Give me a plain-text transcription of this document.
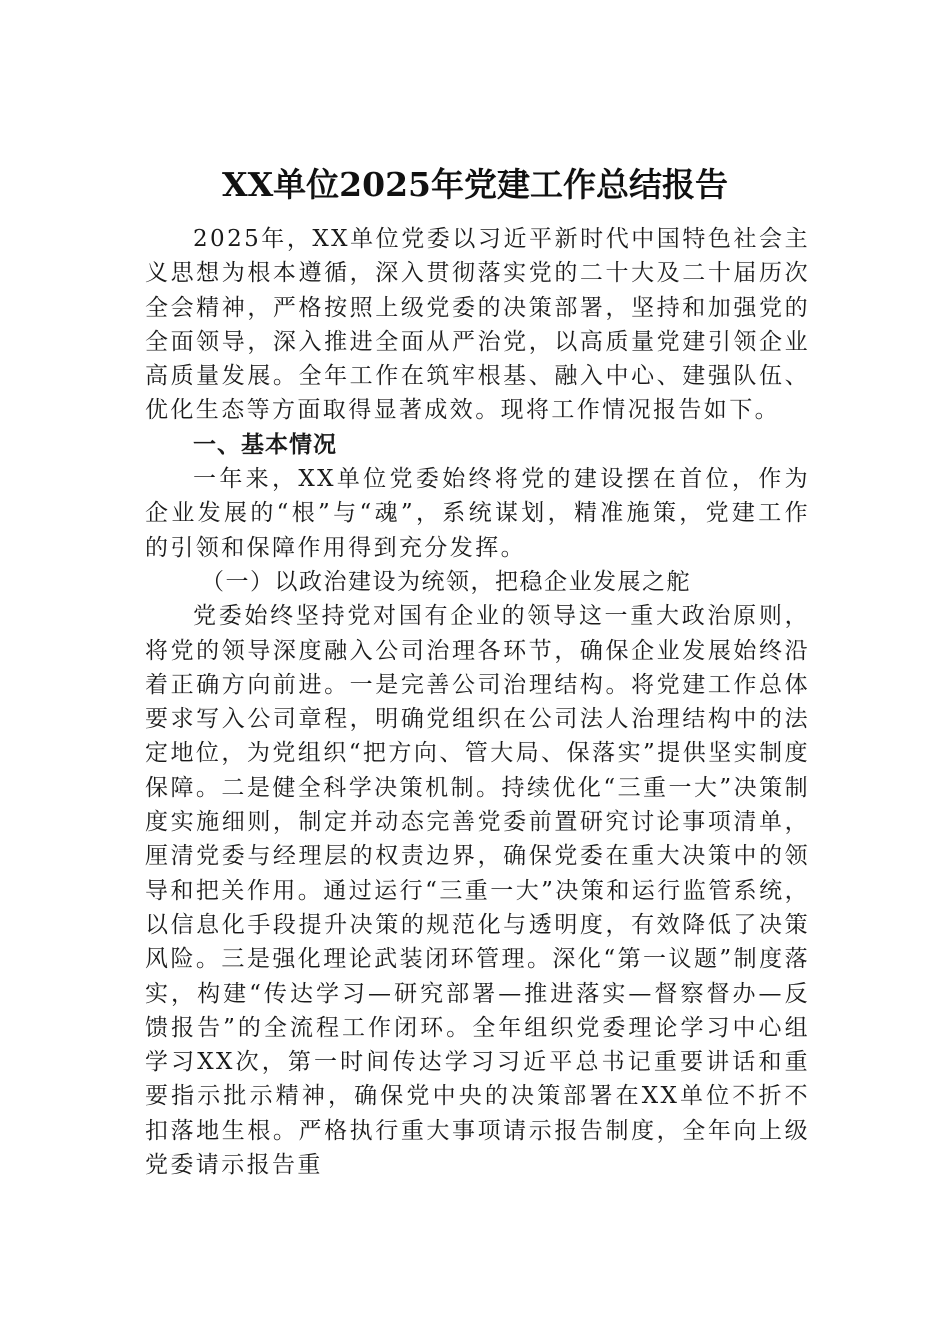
XX单位2025年党建工作总结报告

2025年，XX单位党委以习近平新时代中国特色社会主义思想为根本遵循，深入贯彻落实党的二十大及二十届历次全会精神，严格按照上级党委的决策部署，坚持和加强党的全面领导，深入推进全面从严治党，以高质量党建引领企业高质量发展。全年工作在筑牢根基、融入中心、建强队伍、优化生态等方面取得显著成效。现将工作情况报告如下。

一、基本情况

一年来，XX单位党委始终将党的建设摆在首位，作为企业发展的“根”与“魂”，系统谋划，精准施策，党建工作的引领和保障作用得到充分发挥。

（一）以政治建设为统领，把稳企业发展之舵

党委始终坚持党对国有企业的领导这一重大政治原则，将党的领导深度融入公司治理各环节，确保企业发展始终沿着正确方向前进。一是完善公司治理结构。将党建工作总体要求写入公司章程，明确党组织在公司法人治理结构中的法定地位，为党组织“把方向、管大局、保落实”提供坚实制度保障。二是健全科学决策机制。持续优化“三重一大”决策制度实施细则，制定并动态完善党委前置研究讨论事项清单，厘清党委与经理层的权责边界，确保党委在重大决策中的领导和把关作用。通过运行“三重一大”决策和运行监管系统，以信息化手段提升决策的规范化与透明度，有效降低了决策风险。三是强化理论武装闭环管理。深化“第一议题”制度落实，构建“传达学习—研究部署—推进落实—督察督办—反馈报告”的全流程工作闭环。全年组织党委理论学习中心组学习XX次，第一时间传达学习习近平总书记重要讲话和重要指示批示精神，确保党中央的决策部署在XX单位不折不扣落地生根。严格执行重大事项请示报告制度，全年向上级党委请示报告重
